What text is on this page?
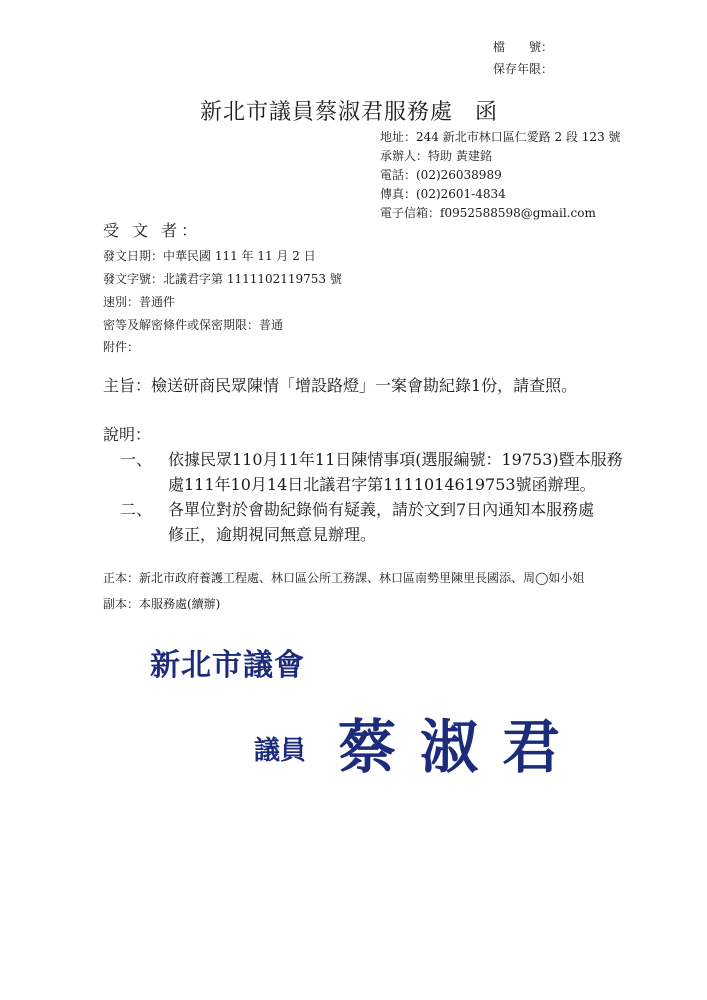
檔　　號：
保存年限：
新北市議員蔡淑君服務處 函
地址：244 新北市林口區仁愛路 2 段 123 號
承辦人：特助 黃建銘
電話：(02)26038989
傳真：(02)2601-4834
電子信箱：f0952588598@gmail.com
受 文 者：
發文日期：中華民國 111 年 11 月 2 日
發文字號：北議君字第 1111102119753 號
速別：普通件
密等及解密條件或保密期限：普通
附件：
主旨：檢送研商民眾陳情「增設路燈」一案會勘紀錄1份，請查照。
說明：
一、 依據民眾110月11年11日陳情事項(選服編號：19753)暨本服務
處111年10月14日北議君字第1111014619753號函辦理。
二、 各單位對於會勘紀錄倘有疑義，請於文到7日內通知本服務處
修正，逾期視同無意見辦理。
正本：新北市政府養護工程處、林口區公所工務課、林口區南勢里陳里長國添、周◯如小姐
副本：本服務處(續辦)
新北市議會
議員 蔡淑君
